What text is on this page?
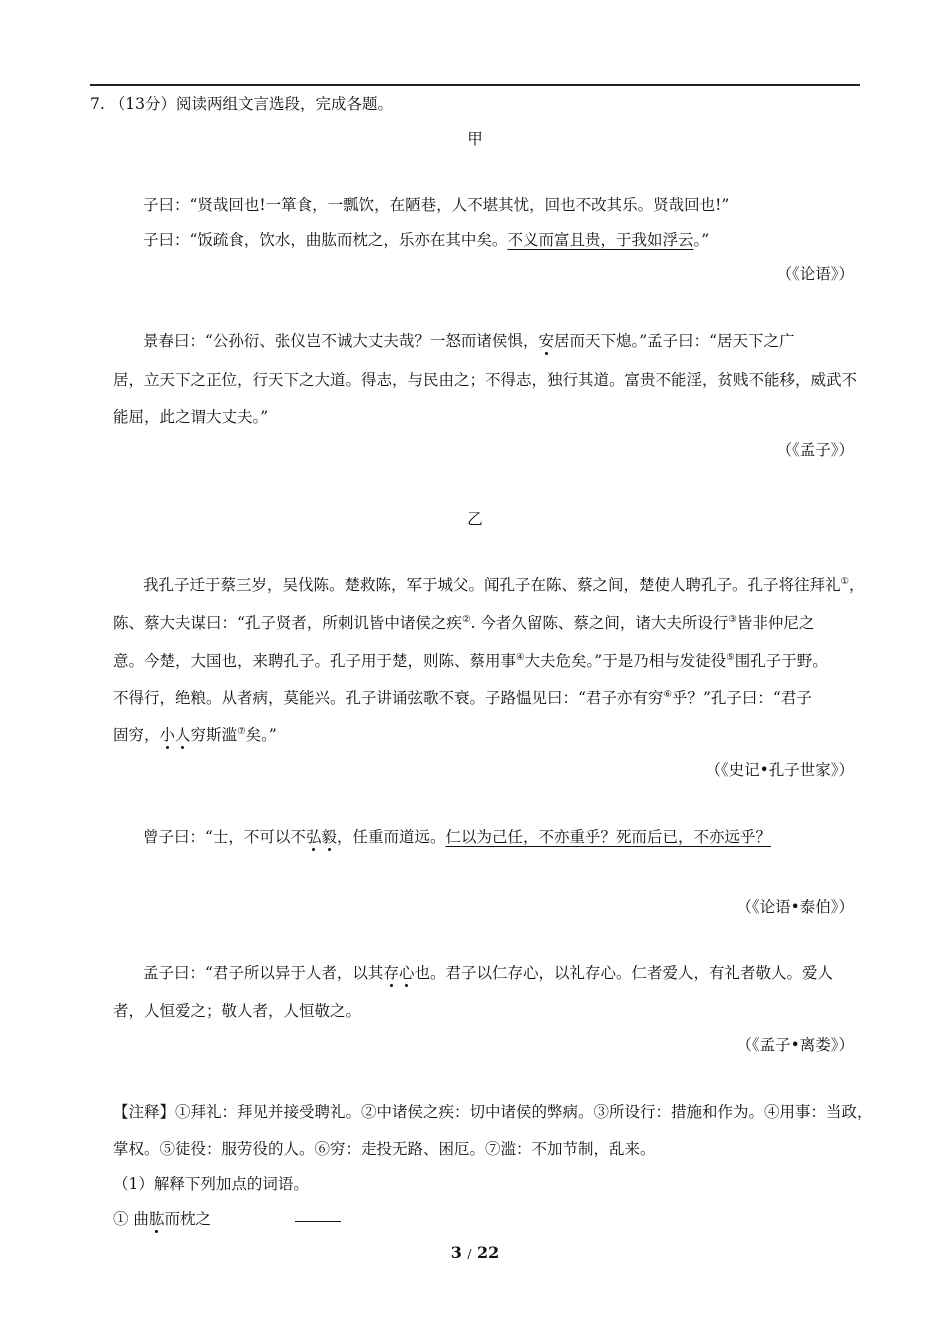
7. （13分）阅读两组文言选段，完成各题。
甲
子曰：“贤哉回也!一箪食，一瓢饮，在陋巷，人不堪其忧，回也不改其乐。贤哉回也!”
子曰：“饭疏食，饮水，曲肱而枕之，乐亦在其中矣。不义而富且贵，于我如浮云。”
（《论语》）
景春曰：“公孙衍、张仪岂不诚大丈夫哉？一怒而诸侯惧，安居而天下熄。”孟子曰：“居天下之广
居，立天下之正位，行天下之大道。得志，与民由之；不得志，独行其道。富贵不能淫，贫贱不能移，威武不
能屈，此之谓大丈夫。”
（《孟子》）
乙
我孔子迁于蔡三岁，吴伐陈。楚救陈，军于城父。闻孔子在陈、蔡之间，楚使人聘孔子。孔子将往拜礼①，
陈、蔡大夫谋曰：“孔子贤者，所刺讥皆中诸侯之疾②. 今者久留陈、蔡之间，诸大夫所设行③皆非仲尼之
意。今楚，大国也，来聘孔子。孔子用于楚，则陈、蔡用事④大夫危矣。”于是乃相与发徒役⑤围孔子于野。
不得行，绝粮。从者病，莫能兴。孔子讲诵弦歌不衰。子路愠见曰：“君子亦有穷⑥乎？”孔子曰：“君子
固穷，小人穷斯滥⑦矣。”
（《史记•孔子世家》）
曾子曰：“士，不可以不弘毅，任重而道远。仁以为己任，不亦重乎？死而后已，不亦远乎？
（《论语•泰伯》）
孟子曰：“君子所以异于人者，以其存心也。君子以仁存心，以礼存心。仁者爱人，有礼者敬人。爱人
者，人恒爱之；敬人者，人恒敬之。
（《孟子•离娄》）
【注释】①拜礼：拜见并接受聘礼。②中诸侯之疾：切中诸侯的弊病。③所设行：措施和作为。④用事：当政，
掌权。⑤徒役：服劳役的人。⑥穷：走投无路、困厄。⑦滥：不加节制，乱来。
（1）解释下列加点的词语。
① 曲肱而枕之
3 / 22
